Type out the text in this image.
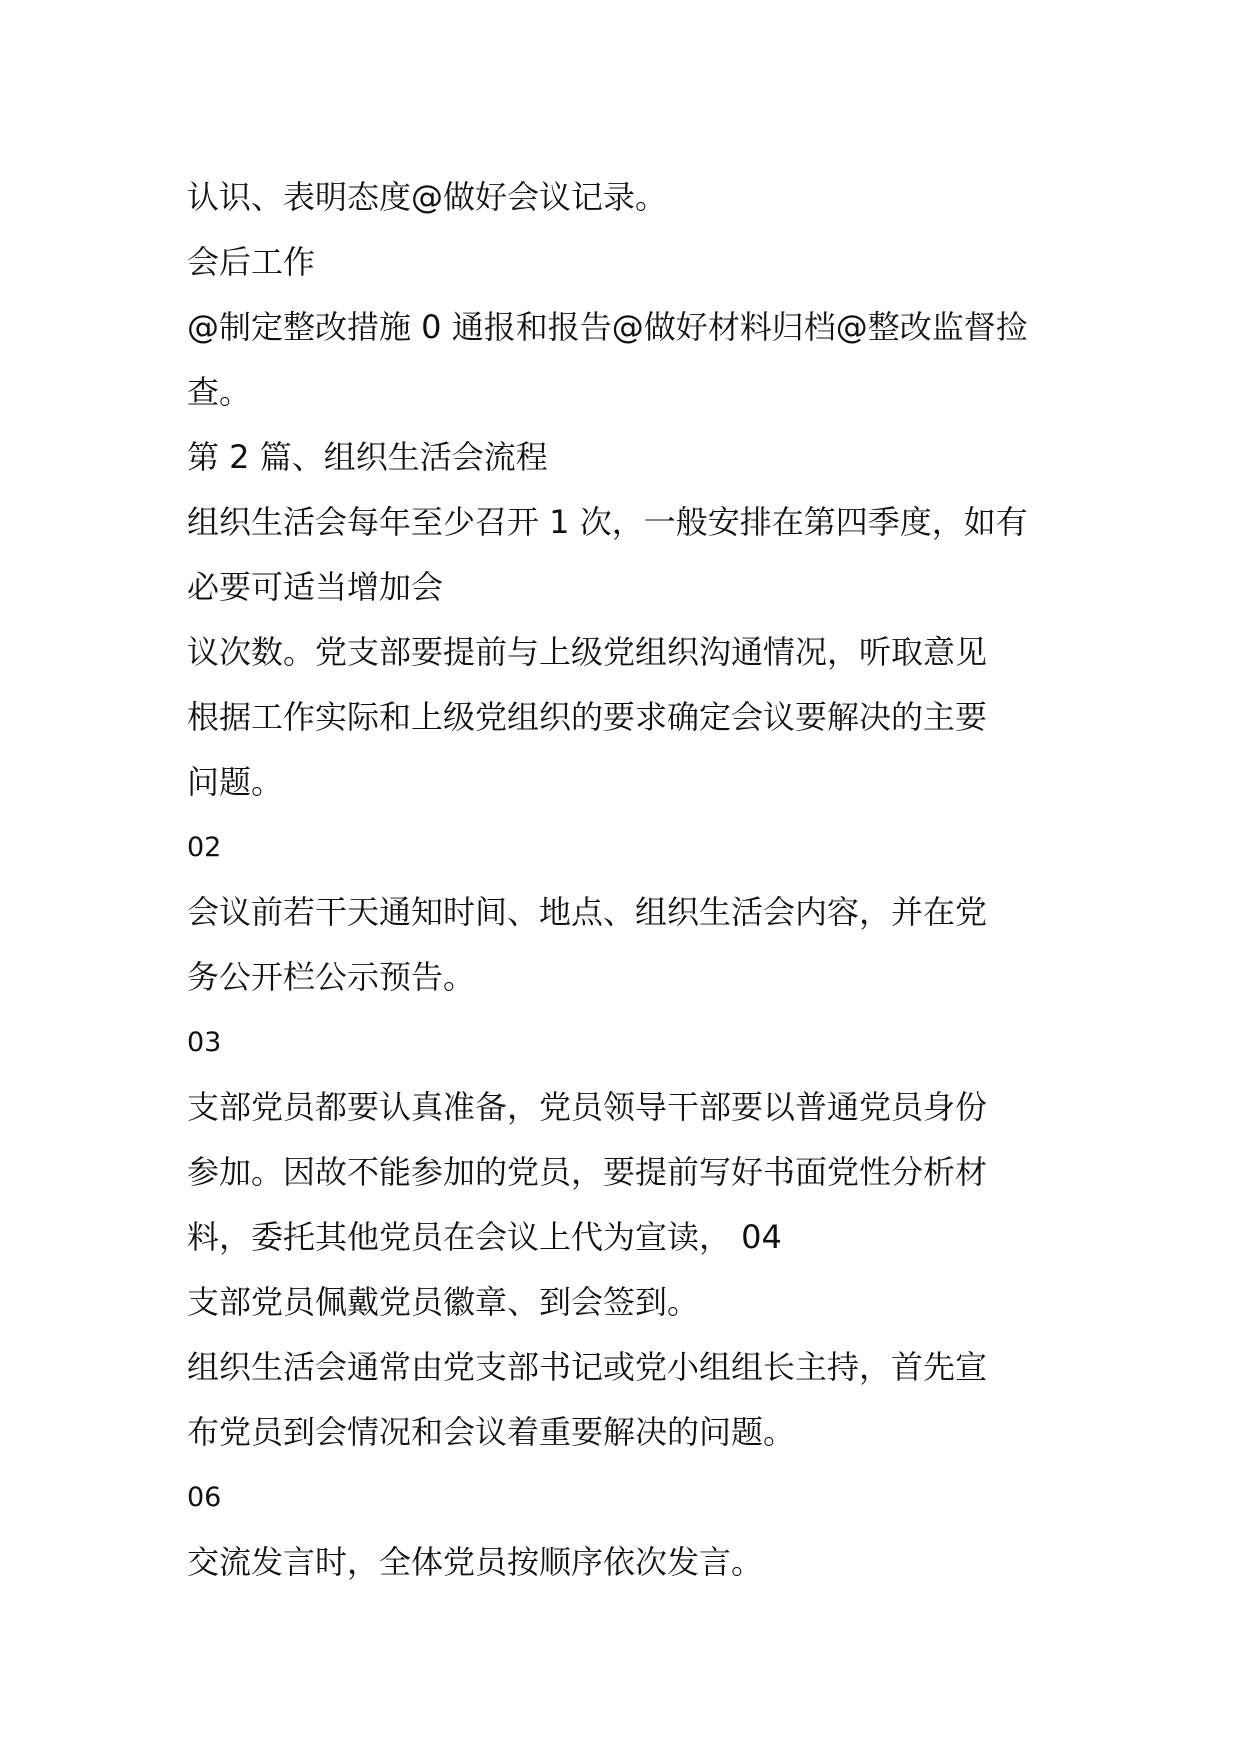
认识、表明态度@做好会议记录。
会后工作
@制定整改措施 0 通报和报告@做好材料归档@整改监督捡
查。
第 2 篇、组织生活会流程
组织生活会每年至少召开 1 次，一般安排在第四季度，如有
必要可适当增加会
议次数。党支部要提前与上级党组织沟通情况，听取意见
根据工作实际和上级党组织的要求确定会议要解决的主要
问题。
02
会议前若干天通知时间、地点、组织生活会内容，并在党
务公开栏公示预告。
03
支部党员都要认真准备，党员领导干部要以普通党员身份
参加。因故不能参加的党员，要提前写好书面党性分析材
料，委托其他党员在会议上代为宣读， 04
支部党员佩戴党员徽章、到会签到。
组织生活会通常由党支部书记或党小组组长主持，首先宣
布党员到会情况和会议着重要解决的问题。
06
交流发言时，全体党员按顺序依次发言。
